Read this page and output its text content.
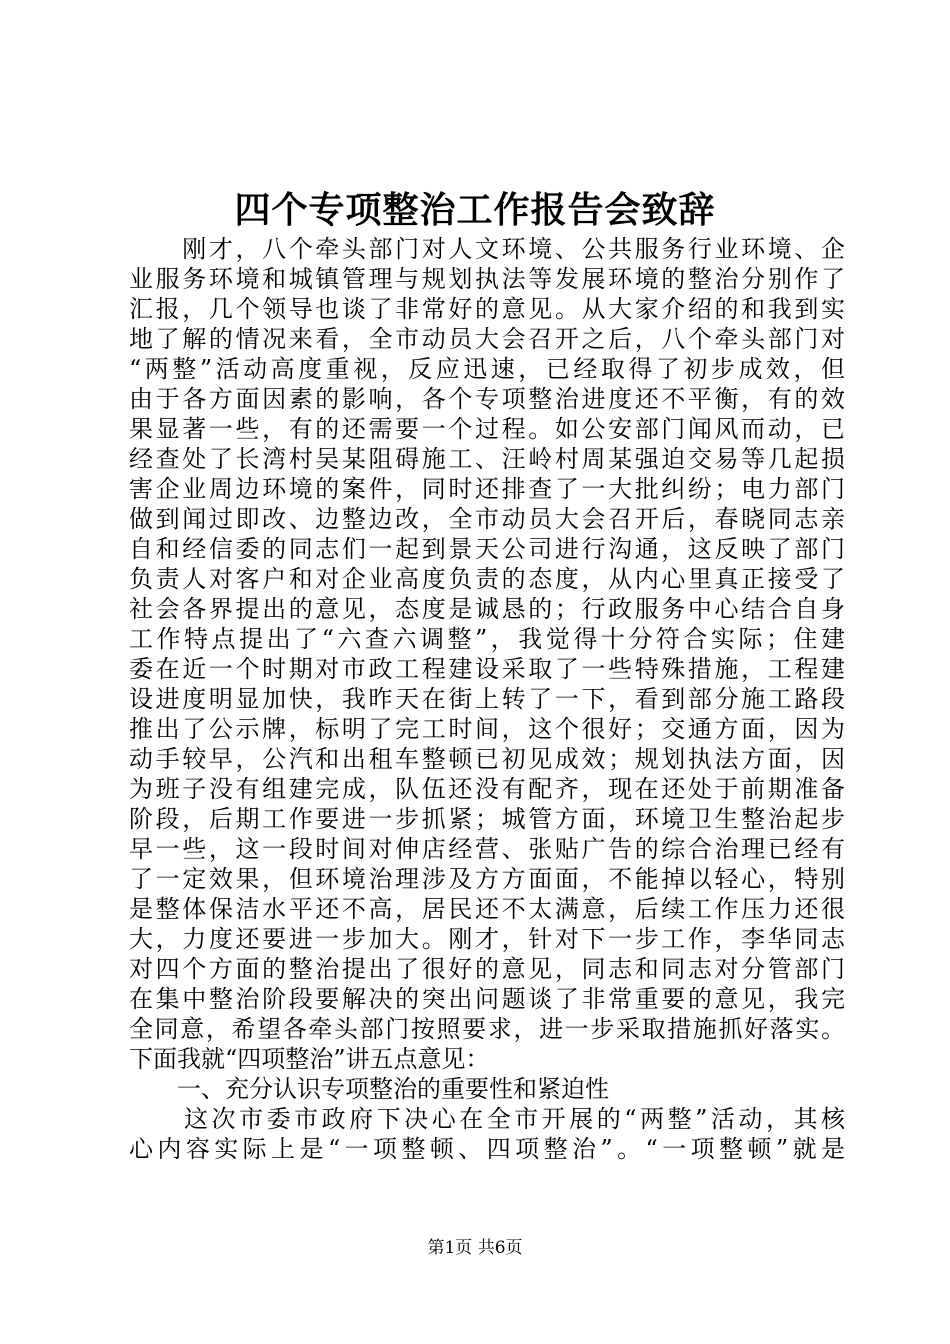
四个专项整治工作报告会致辞
　　刚才，八个牵头部门对人文环境、公共服务行业环境、企
业服务环境和城镇管理与规划执法等发展环境的整治分别作了
汇报，几个领导也谈了非常好的意见。从大家介绍的和我到实
地了解的情况来看，全市动员大会召开之后，八个牵头部门对
“两整”活动高度重视，反应迅速，已经取得了初步成效，但
由于各方面因素的影响，各个专项整治进度还不平衡，有的效
果显著一些，有的还需要一个过程。如公安部门闻风而动，已
经查处了长湾村吴某阻碍施工、汪岭村周某强迫交易等几起损
害企业周边环境的案件，同时还排查了一大批纠纷；电力部门
做到闻过即改、边整边改，全市动员大会召开后，春晓同志亲
自和经信委的同志们一起到景天公司进行沟通，这反映了部门
负责人对客户和对企业高度负责的态度，从内心里真正接受了
社会各界提出的意见，态度是诚恳的；行政服务中心结合自身
工作特点提出了“六查六调整”，我觉得十分符合实际；住建
委在近一个时期对市政工程建设采取了一些特殊措施，工程建
设进度明显加快，我昨天在街上转了一下，看到部分施工路段
推出了公示牌，标明了完工时间，这个很好；交通方面，因为
动手较早，公汽和出租车整顿已初见成效；规划执法方面，因
为班子没有组建完成，队伍还没有配齐，现在还处于前期准备
阶段，后期工作要进一步抓紧；城管方面，环境卫生整治起步
早一些，这一段时间对伸店经营、张贴广告的综合治理已经有
了一定效果，但环境治理涉及方方面面，不能掉以轻心，特别
是整体保洁水平还不高，居民还不太满意，后续工作压力还很
大，力度还要进一步加大。刚才，针对下一步工作，李华同志
对四个方面的整治提出了很好的意见，同志和同志对分管部门
在集中整治阶段要解决的突出问题谈了非常重要的意见，我完
全同意，希望各牵头部门按照要求，进一步采取措施抓好落实。
下面我就“四项整治”讲五点意见：
　　一、充分认识专项整治的重要性和紧迫性
　　这次市委市政府下决心在全市开展的“两整”活动，其核
心内容实际上是“一项整顿、四项整治”。“一项整顿”就是
第1页 共6页
